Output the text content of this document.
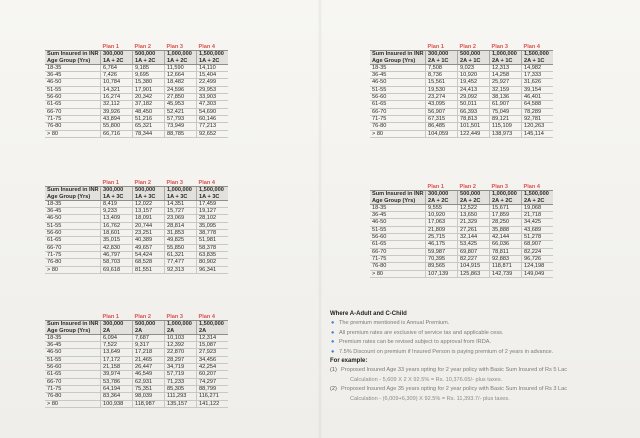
	Plan 1	Plan 2	Plan 3	Plan 4
Sum Insured in INR	300,000	500,000	1,000,000	1,500,000
Age Group (Yrs)	1A + 2C	1A + 2C	1A + 2C	1A + 2C
18-35	6,764	9,185	11,590	14,110
36-45	7,426	9,695	12,664	15,404
46-50	10,784	15,380	18,482	22,499
51-55	14,321	17,901	24,596	29,953
56-60	16,274	20,342	27,850	33,903
61-65	32,112	37,182	45,953	47,303
66-70	39,926	48,450	52,421	54,690
71-75	43,894	51,216	57,793	60,146
76-80	55,800	65,321	73,949	77,213
> 80	66,716	78,344	88,785	92,652
	Plan 1	Plan 2	Plan 3	Plan 4
Sum Insured in INR	300,000	500,000	1,000,000	1,500,000
Age Group (Yrs)	2A + 1C	2A + 1C	2A + 1C	2A + 1C
18-35	7,508	9,023	12,313	14,982
36-45	8,736	10,920	14,258	17,333
46-50	15,561	19,452	25,927	31,626
51-55	19,530	24,413	32,159	39,154
56-60	23,274	29,092	38,136	46,401
61-65	43,095	50,011	61,907	64,588
66-70	56,907	66,393	75,049	78,289
71-75	67,315	78,813	89,121	92,781
76-80	86,485	101,501	115,109	120,263
> 80	104,059	122,449	138,973	145,114
	Plan 1	Plan 2	Plan 3	Plan 4
Sum Insured in INR	300,000	500,000	1,000,000	1,500,000
Age Group (Yrs)	1A + 3C	1A + 3C	1A + 3C	1A + 3C
18-35	8,419	12,022	14,351	17,459
36-45	9,233	13,157	15,727	19,127
46-50	13,409	18,091	23,069	28,102
51-55	16,762	20,744	28,814	35,095
56-60	18,601	23,251	31,853	38,778
61-65	35,015	40,389	49,825	51,981
66-70	42,830	49,657	55,850	58,378
71-75	46,797	54,424	61,321	63,835
76-80	58,703	68,528	77,477	80,902
> 80	69,618	81,551	92,313	96,341
	Plan 1	Plan 2	Plan 3	Plan 4
Sum Insured in INR	300,000	500,000	1,000,000	1,500,000
Age Group (Yrs)	2A + 2C	2A + 2C	2A + 2C	2A + 2C
18-35	9,555	12,522	15,671	19,068
36-45	10,920	13,650	17,859	21,718
46-50	17,063	21,329	28,250	34,425
51-55	21,809	27,261	35,888	43,689
56-60	25,715	32,144	42,144	51,278
61-65	46,175	53,425	66,036	68,907
66-70	59,987	69,807	78,811	82,224
71-75	70,395	82,227	92,883	96,726
76-80	89,565	104,915	118,871	124,198
> 80	107,139	125,863	142,739	149,049
	Plan 1	Plan 2	Plan 3	Plan 4
Sum Insured in INR	300,000	500,000	1,000,000	1,500,000
Age Group (Yrs)	2A	2A	2A	2A
18-35	6,094	7,687	10,103	12,314
36-45	7,522	9,317	12,392	15,087
46-50	13,649	17,218	22,870	27,923
51-55	17,172	21,465	28,297	34,456
56-60	21,158	26,447	34,719	42,254
61-65	39,974	46,549	57,719	60,207
66-70	53,786	62,931	71,233	74,297
71-75	64,194	75,351	85,305	88,799
76-80	83,364	98,039	111,293	116,271
> 80	100,938	118,987	135,157	141,122
Where A-Adult and C-Child
● The premium mentioned is Annual Premium.
● All premium rates are exclusive of service tax and applicable cess.
● Premium rates can be revised subject to approval from IRDA.
● 7.5% Discount on premium if Insured Person is paying premium of 2 years in advance.
For example:
(1) Proposed Insured Age 33 years opting for 2 year policy with Basic Sum Insured of Rs 5 Lac
Calculation - 5,609 X 2 X 92.5% = Rs. 10,376.65/- plus taxes.
(2) Proposed Insured Age 35 years opting for 2 year policy with Basic Sum Insured of Rs 3 Lac
Calculation - (6,009+6,309) X 92.5% = Rs. 11,393.7/- plus taxes.
